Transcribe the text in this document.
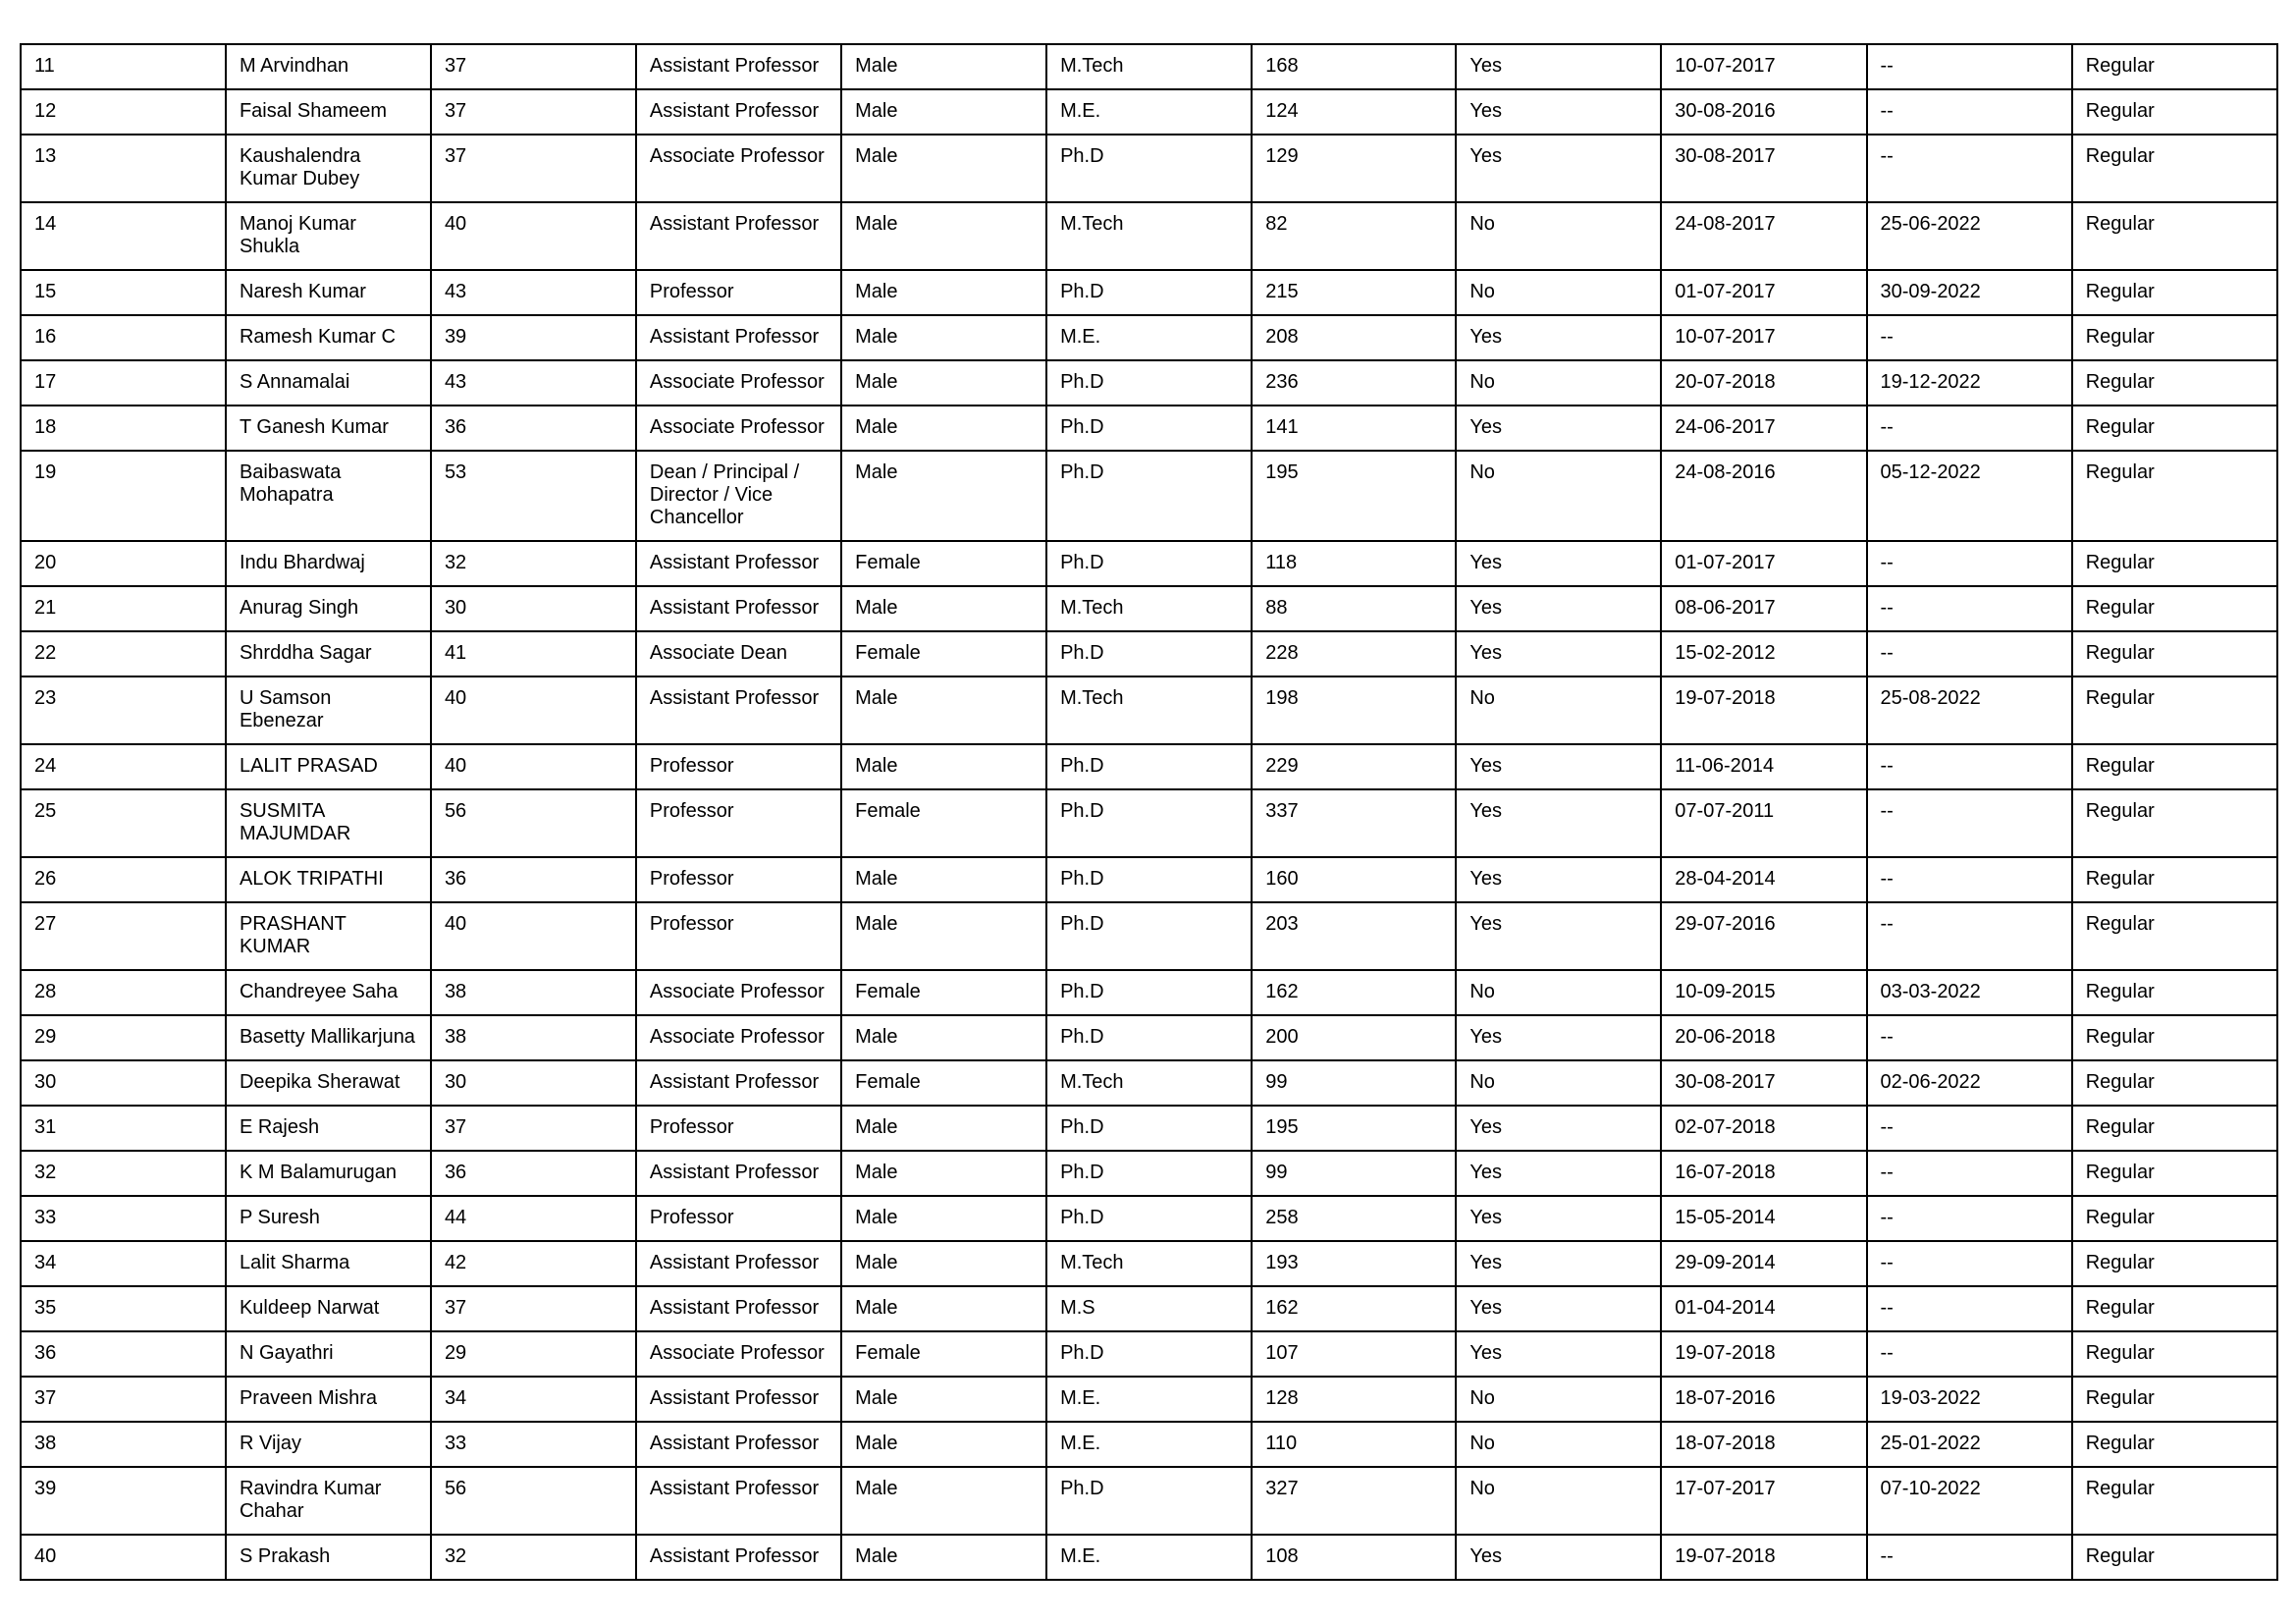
11	M Arvindhan	37	Assistant Professor	Male	M.Tech	168	Yes	10-07-2017	--	Regular
12	Faisal Shameem	37	Assistant Professor	Male	M.E.	124	Yes	30-08-2016	--	Regular
13	Kaushalendra Kumar Dubey	37	Associate Professor	Male	Ph.D	129	Yes	30-08-2017	--	Regular
14	Manoj Kumar Shukla	40	Assistant Professor	Male	M.Tech	82	No	24-08-2017	25-06-2022	Regular
15	Naresh Kumar	43	Professor	Male	Ph.D	215	No	01-07-2017	30-09-2022	Regular
16	Ramesh Kumar C	39	Assistant Professor	Male	M.E.	208	Yes	10-07-2017	--	Regular
17	S Annamalai	43	Associate Professor	Male	Ph.D	236	No	20-07-2018	19-12-2022	Regular
18	T Ganesh Kumar	36	Associate Professor	Male	Ph.D	141	Yes	24-06-2017	--	Regular
19	Baibaswata Mohapatra	53	Dean / Principal / Director / Vice Chancellor	Male	Ph.D	195	No	24-08-2016	05-12-2022	Regular
20	Indu Bhardwaj	32	Assistant Professor	Female	Ph.D	118	Yes	01-07-2017	--	Regular
21	Anurag Singh	30	Assistant Professor	Male	M.Tech	88	Yes	08-06-2017	--	Regular
22	Shrddha Sagar	41	Associate Dean	Female	Ph.D	228	Yes	15-02-2012	--	Regular
23	U Samson Ebenezar	40	Assistant Professor	Male	M.Tech	198	No	19-07-2018	25-08-2022	Regular
24	LALIT PRASAD	40	Professor	Male	Ph.D	229	Yes	11-06-2014	--	Regular
25	SUSMITA MAJUMDAR	56	Professor	Female	Ph.D	337	Yes	07-07-2011	--	Regular
26	ALOK TRIPATHI	36	Professor	Male	Ph.D	160	Yes	28-04-2014	--	Regular
27	PRASHANT KUMAR	40	Professor	Male	Ph.D	203	Yes	29-07-2016	--	Regular
28	Chandreyee Saha	38	Associate Professor	Female	Ph.D	162	No	10-09-2015	03-03-2022	Regular
29	Basetty Mallikarjuna	38	Associate Professor	Male	Ph.D	200	Yes	20-06-2018	--	Regular
30	Deepika Sherawat	30	Assistant Professor	Female	M.Tech	99	No	30-08-2017	02-06-2022	Regular
31	E Rajesh	37	Professor	Male	Ph.D	195	Yes	02-07-2018	--	Regular
32	K M Balamurugan	36	Assistant Professor	Male	Ph.D	99	Yes	16-07-2018	--	Regular
33	P Suresh	44	Professor	Male	Ph.D	258	Yes	15-05-2014	--	Regular
34	Lalit Sharma	42	Assistant Professor	Male	M.Tech	193	Yes	29-09-2014	--	Regular
35	Kuldeep Narwat	37	Assistant Professor	Male	M.S	162	Yes	01-04-2014	--	Regular
36	N Gayathri	29	Associate Professor	Female	Ph.D	107	Yes	19-07-2018	--	Regular
37	Praveen Mishra	34	Assistant Professor	Male	M.E.	128	No	18-07-2016	19-03-2022	Regular
38	R Vijay	33	Assistant Professor	Male	M.E.	110	No	18-07-2018	25-01-2022	Regular
39	Ravindra Kumar Chahar	56	Assistant Professor	Male	Ph.D	327	No	17-07-2017	07-10-2022	Regular
40	S Prakash	32	Assistant Professor	Male	M.E.	108	Yes	19-07-2018	--	Regular
